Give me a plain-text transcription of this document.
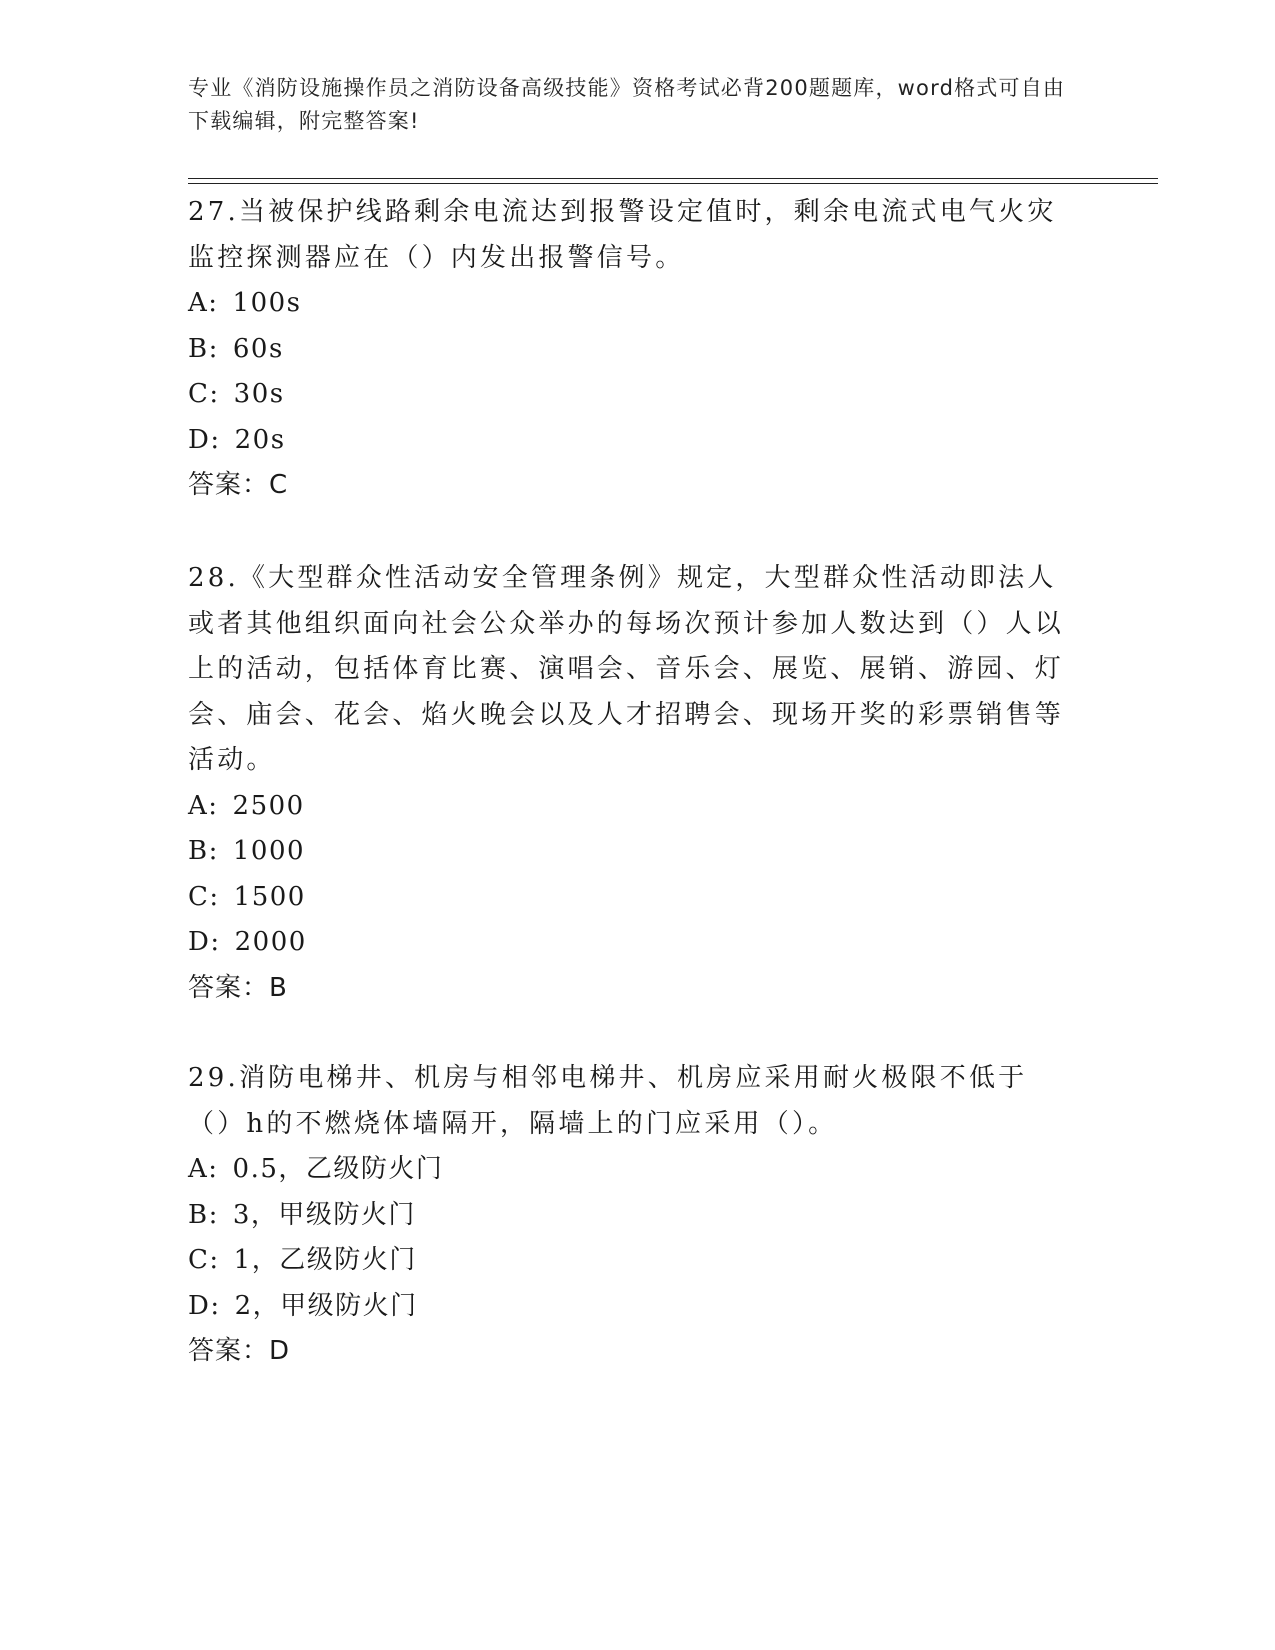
专业《消防设施操作员之消防设备高级技能》资格考试必背200题题库，word格式可自由下载编辑，附完整答案!

27.当被保护线路剩余电流达到报警设定值时，剩余电流式电气火灾监控探测器应在（）内发出报警信号。

A: 100s

B: 60s

C: 30s

D: 20s

答案：C

28.《大型群众性活动安全管理条例》规定，大型群众性活动即法人或者其他组织面向社会公众举办的每场次预计参加人数达到（）人以上的活动，包括体育比赛、演唱会、音乐会、展览、展销、游园、灯会、庙会、花会、焰火晚会以及人才招聘会、现场开奖的彩票销售等活动。

A: 2500

B: 1000

C: 1500

D: 2000

答案：B

29.消防电梯井、机房与相邻电梯井、机房应采用耐火极限不低于（）h的不燃烧体墙隔开，隔墙上的门应采用（）。

A: 0.5，乙级防火门

B: 3，甲级防火门

C: 1，乙级防火门

D: 2，甲级防火门

答案：D
